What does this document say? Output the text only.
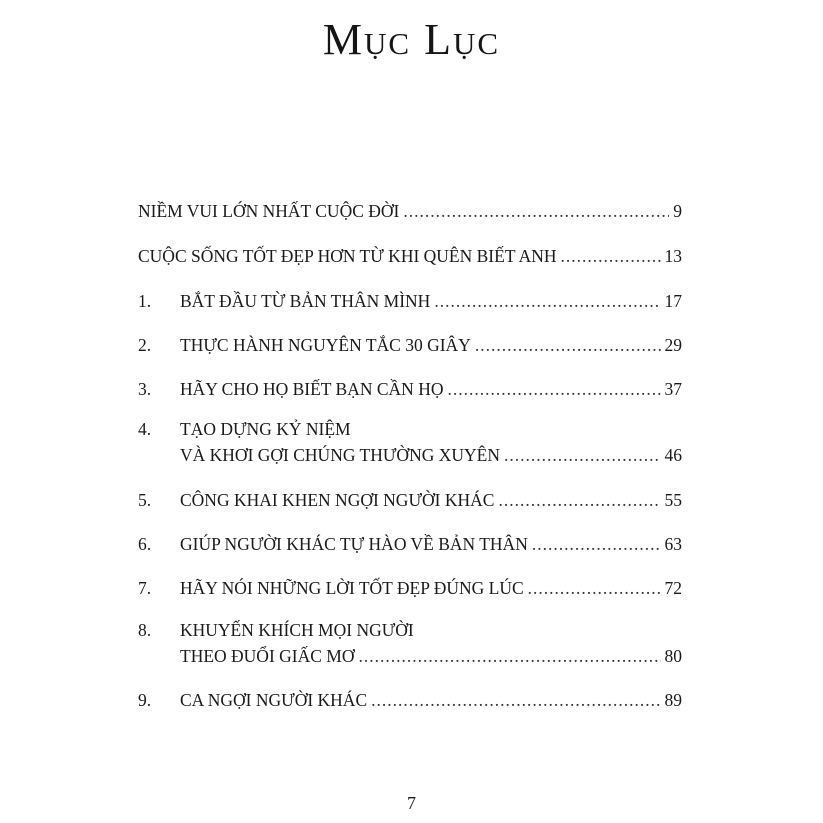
Mục Lục
NIỀM VUI LỚN NHẤT CUỘC ĐỜI .....	9
CUỘC SỐNG TỐT ĐẸP HƠN TỪ KHI QUÊN BIẾT ANH .....	13
1.	BẮT ĐẦU TỪ BẢN THÂN MÌNH .....	17
2.	THỰC HÀNH NGUYÊN TẮC 30 GIÂY .....	29
3.	HÃY CHO HỌ BIẾT BẠN CẦN HỌ .....	37
4.	TẠO DỰNG KỶ NIỆM
VÀ KHƠI GỢI CHÚNG THƯỜNG XUYÊN .....	46
5.	CÔNG KHAI KHEN NGỢI NGƯỜI KHÁC .....	55
6.	GIÚP NGƯỜI KHÁC TỰ HÀO VỀ BẢN THÂN .....	63
7.	HÃY NÓI NHỮNG LỜI TỐT ĐẸP ĐÚNG LÚC .....	72
8.	KHUYẾN KHÍCH MỌI NGƯỜI
THEO ĐUỔI GIẤC MƠ .....	80
9.	CA NGỢI NGƯỜI KHÁC .....	89
7
